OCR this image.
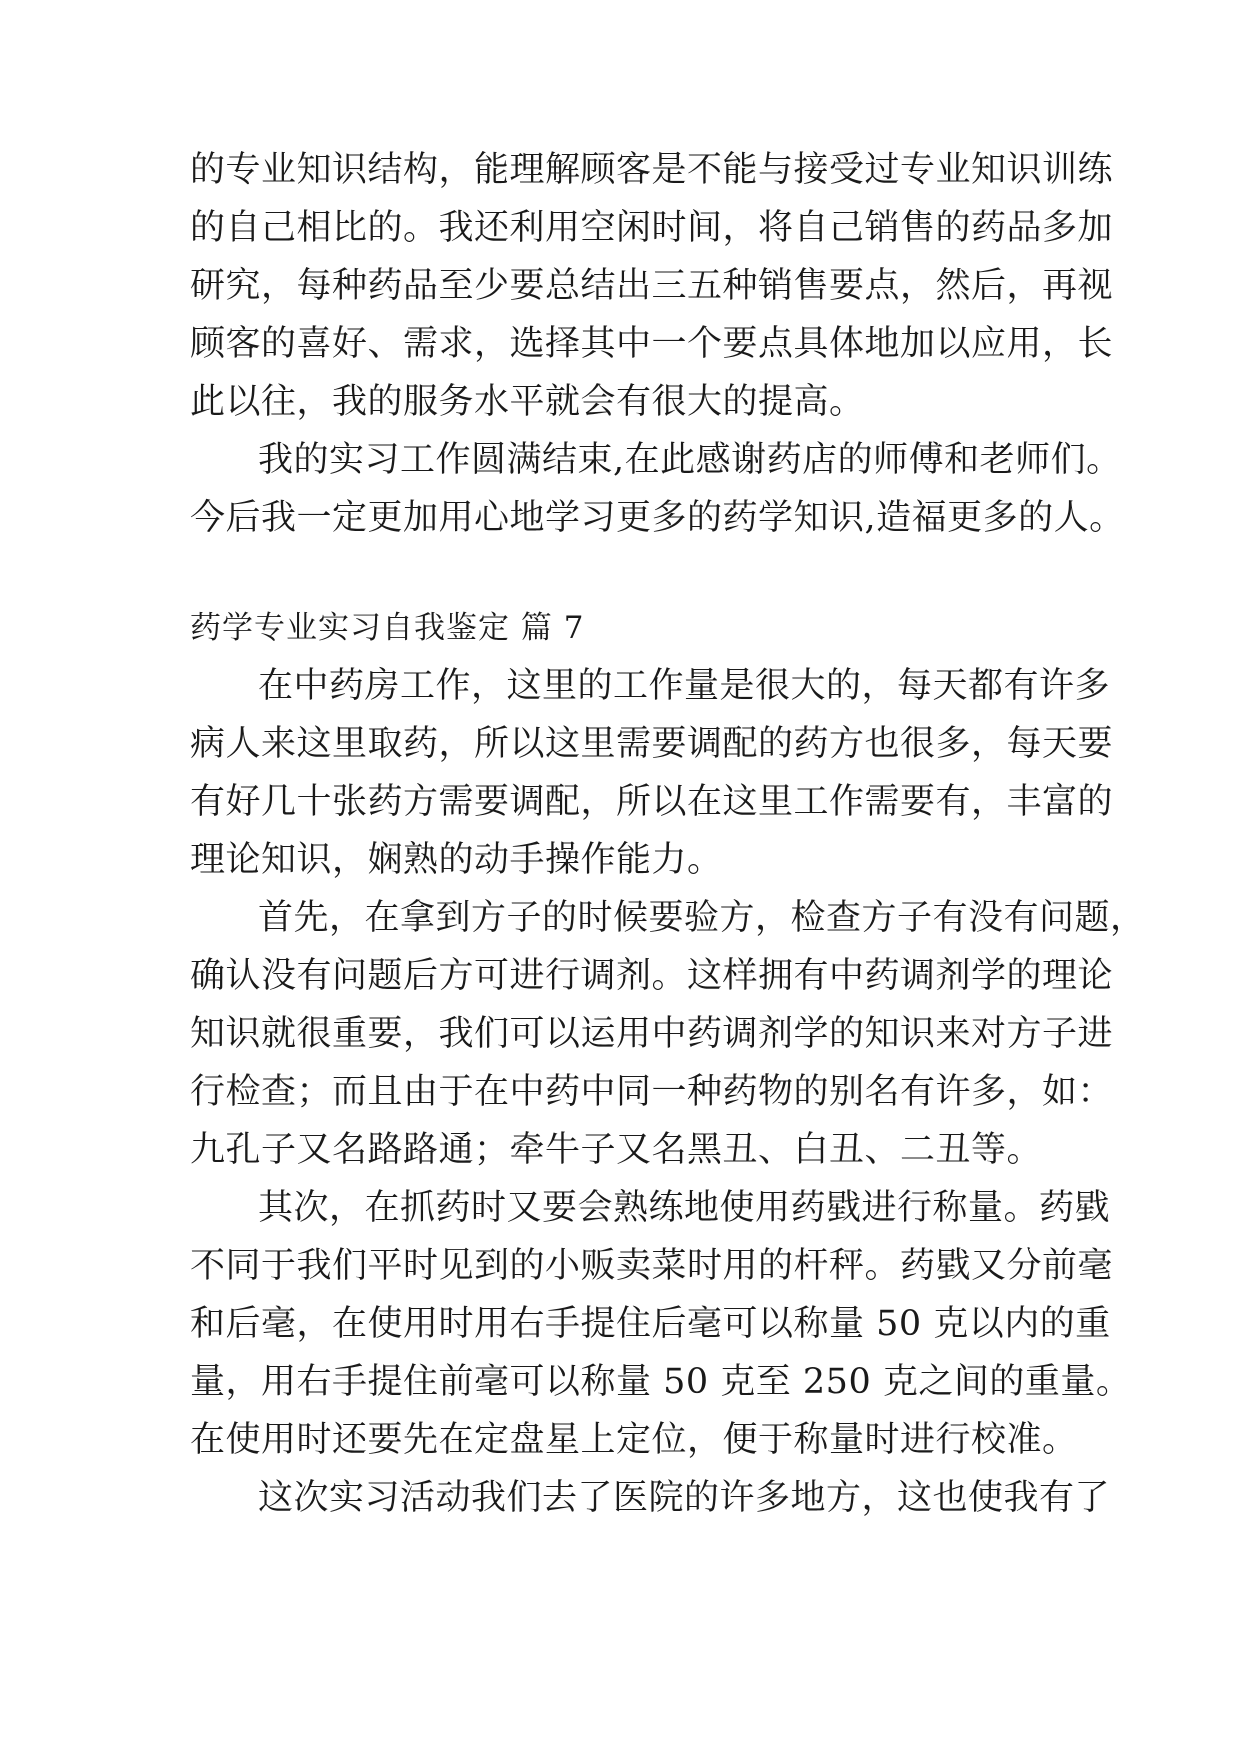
的专业知识结构，能理解顾客是不能与接受过专业知识训练
的自己相比的。我还利用空闲时间，将自己销售的药品多加
研究，每种药品至少要总结出三五种销售要点，然后，再视
顾客的喜好、需求，选择其中一个要点具体地加以应用，长
此以往，我的服务水平就会有很大的提高。
我的实习工作圆满结束,在此感谢药店的师傅和老师们。
今后我一定更加用心地学习更多的药学知识,造福更多的人。
药学专业实习自我鉴定 篇 7
在中药房工作，这里的工作量是很大的，每天都有许多
病人来这里取药，所以这里需要调配的药方也很多，每天要
有好几十张药方需要调配，所以在这里工作需要有，丰富的
理论知识，娴熟的动手操作能力。
首先，在拿到方子的时候要验方，检查方子有没有问题，
确认没有问题后方可进行调剂。这样拥有中药调剂学的理论
知识就很重要，我们可以运用中药调剂学的知识来对方子进
行检查；而且由于在中药中同一种药物的别名有许多，如：
九孔子又名路路通；牵牛子又名黑丑、白丑、二丑等。
其次，在抓药时又要会熟练地使用药戥进行称量。药戥
不同于我们平时见到的小贩卖菜时用的杆秤。药戥又分前毫
和后毫，在使用时用右手提住后毫可以称量 50 克以内的重
量，用右手提住前毫可以称量 50 克至 250 克之间的重量。
在使用时还要先在定盘星上定位，便于称量时进行校准。
这次实习活动我们去了医院的许多地方，这也使我有了
